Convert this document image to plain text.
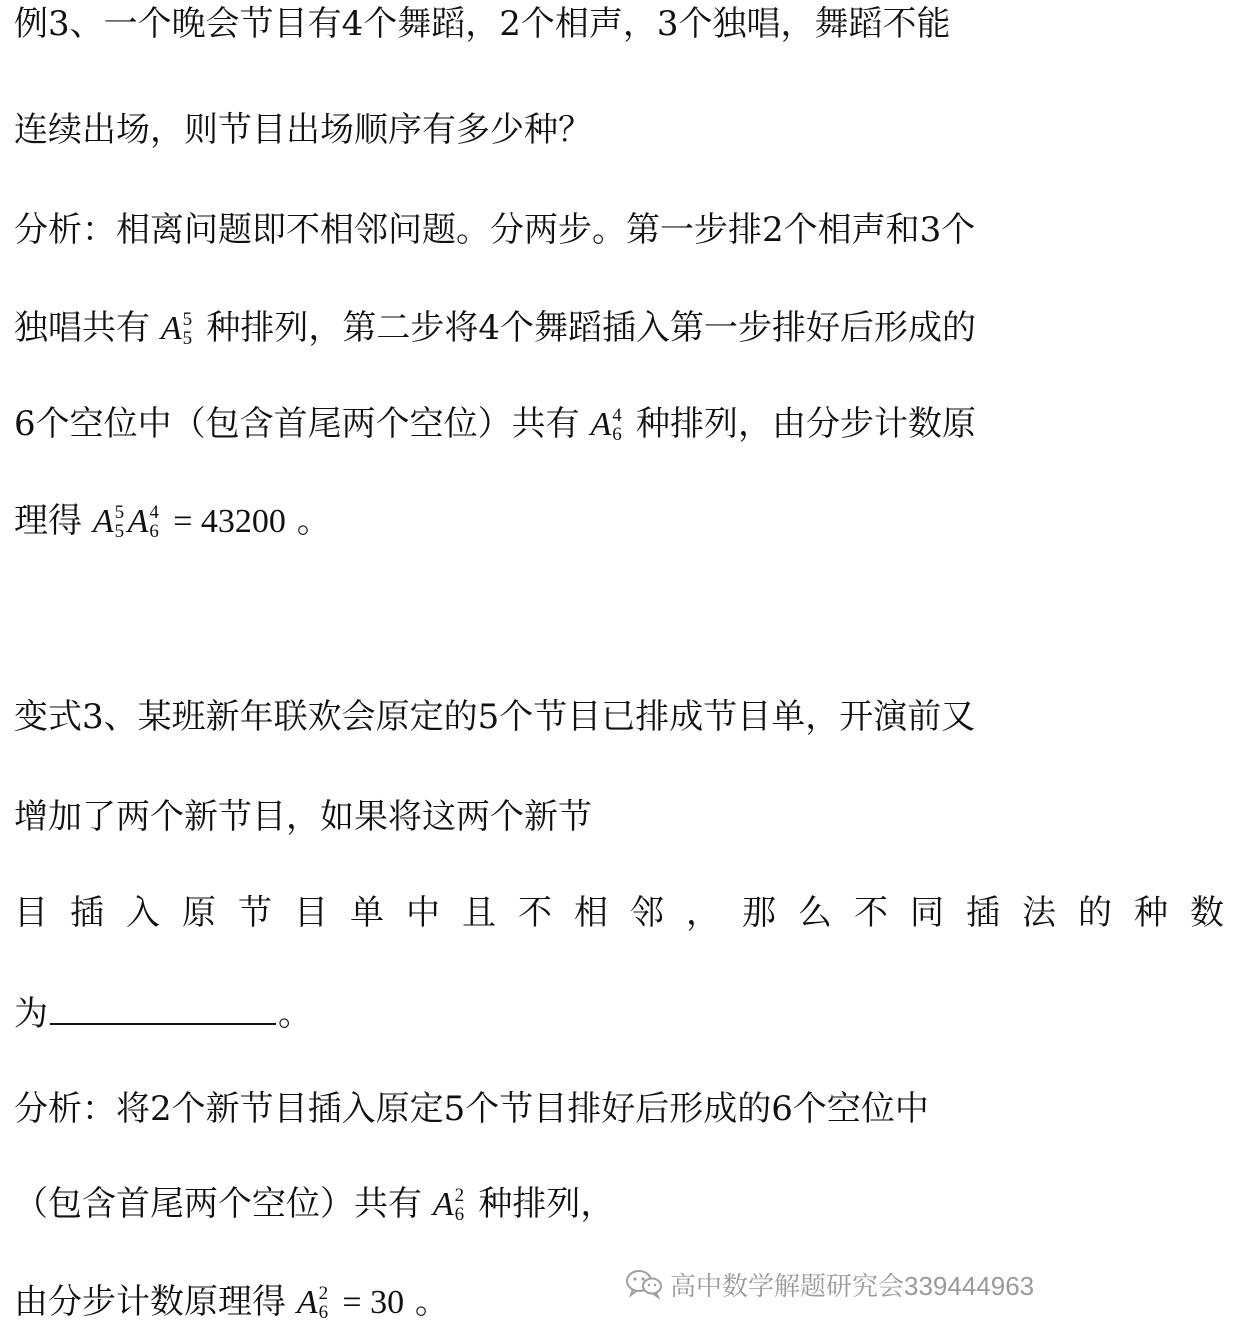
例3、一个晚会节目有4个舞蹈，2个相声，3个独唱，舞蹈不能
连续出场，则节目出场顺序有多少种？
分析：相离问题即不相邻问题。分两步。第一步排2个相声和3个
独唱共有 A 5
5 种排列，第二步将4个舞蹈插入第一步排好后形成的
6个空位中（包含首尾两个空位）共有 A 4
6 种排列，由分步计数原
理得 A 5
5 A 4
6 = 43200 。
变式3、某班新年联欢会原定的5个节目已排成节目单，开演前又
增加了两个新节目，如果将这两个新节
目插入原节目单中且不相邻，那么不同插法的种数
为	。
分析：将2个新节目插入原定5个节目排好后形成的6个空位中
（包含首尾两个空位）共有 A 2
6 种排列，
由分步计数原理得 A 2
6 = 30 。	高中数学解题研究会339444963
